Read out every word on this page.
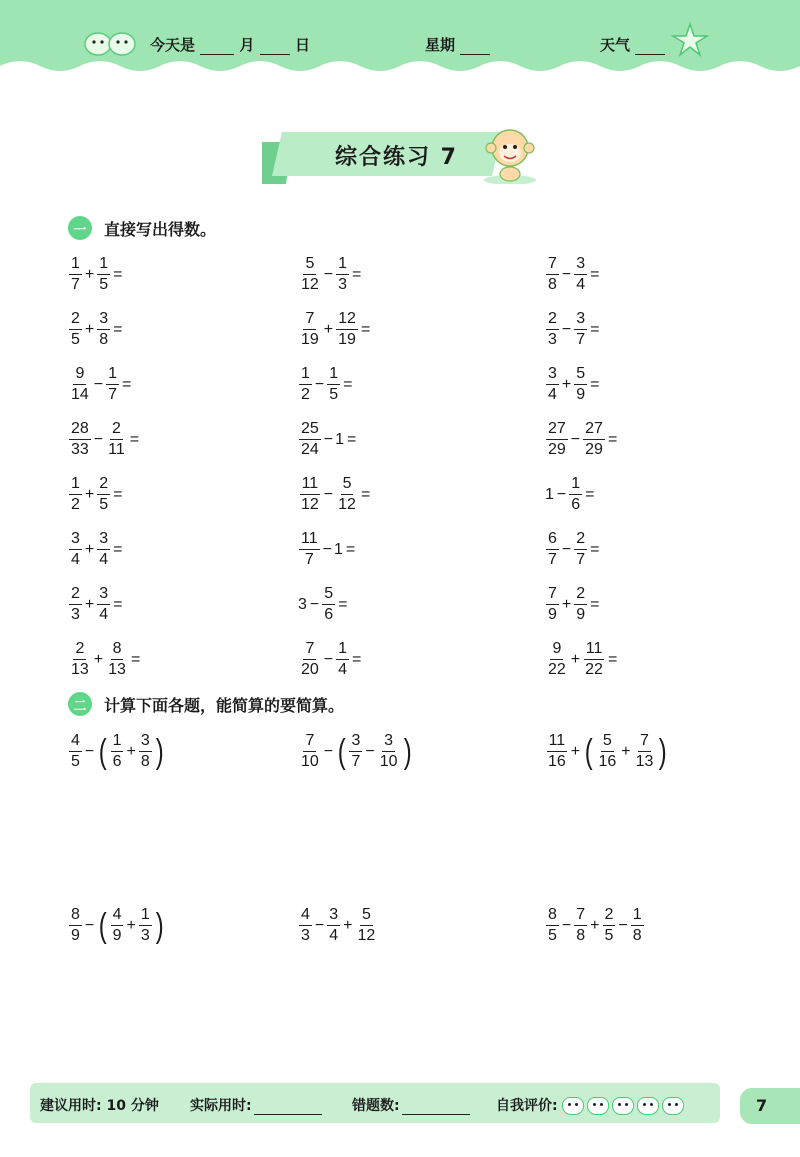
今天是	月	日	星期	天气
综合练习 7
一	直接写出得数。
$\frac{1}{7} + \frac{1}{5}$ =	$\frac{5}{12} - \frac{1}{3}$ =	$\frac{7}{8} - \frac{3}{4}$ =
$\frac{2}{5} + \frac{3}{8}$ =	$\frac{7}{19} + \frac{12}{19}$ =	$\frac{2}{3} - \frac{3}{7}$ =
$\frac{9}{14} - \frac{1}{7}$ =	$\frac{1}{2} - \frac{1}{5}$ =	$\frac{3}{4} + \frac{5}{9}$ =
$\frac{28}{33} - \frac{2}{11}$ =	$\frac{25}{24} - 1$ =	$\frac{27}{29} - \frac{27}{29}$ =
$\frac{1}{2} + \frac{2}{5}$ =	$\frac{11}{12} - \frac{5}{12}$ =	$1 - \frac{1}{6}$ =
$\frac{3}{4} + \frac{3}{4}$ =	$\frac{11}{7} - 1$ =	$\frac{6}{7} - \frac{2}{7}$ =
$\frac{2}{3} + \frac{3}{4}$ =	$3 - \frac{5}{6}$ =	$\frac{7}{9} + \frac{2}{9}$ =
$\frac{2}{13} + \frac{8}{13}$ =	$\frac{7}{20} - \frac{1}{4}$ =	$\frac{9}{22} + \frac{11}{22}$ =
$\frac{4}{5}$ − ( $\frac{1}{6} + \frac{3}{8}$ )	$\frac{7}{10}$ − ( $\frac{3}{7} - \frac{3}{10}$ )	$\frac{11}{16}$ + ( $\frac{5}{16} + \frac{7}{13}$ )
$\frac{8}{9}$ − ( $\frac{4}{9} + \frac{1}{3}$ )	$\frac{4}{3} - \frac{3}{4} + \frac{5}{12}$	$\frac{8}{5} - \frac{7}{8} + \frac{2}{5} - \frac{1}{8}$
二	计算下面各题，能简算的要简算。
建议用时: 10 分钟 实际用时:	错题数:	自我评价:	7
